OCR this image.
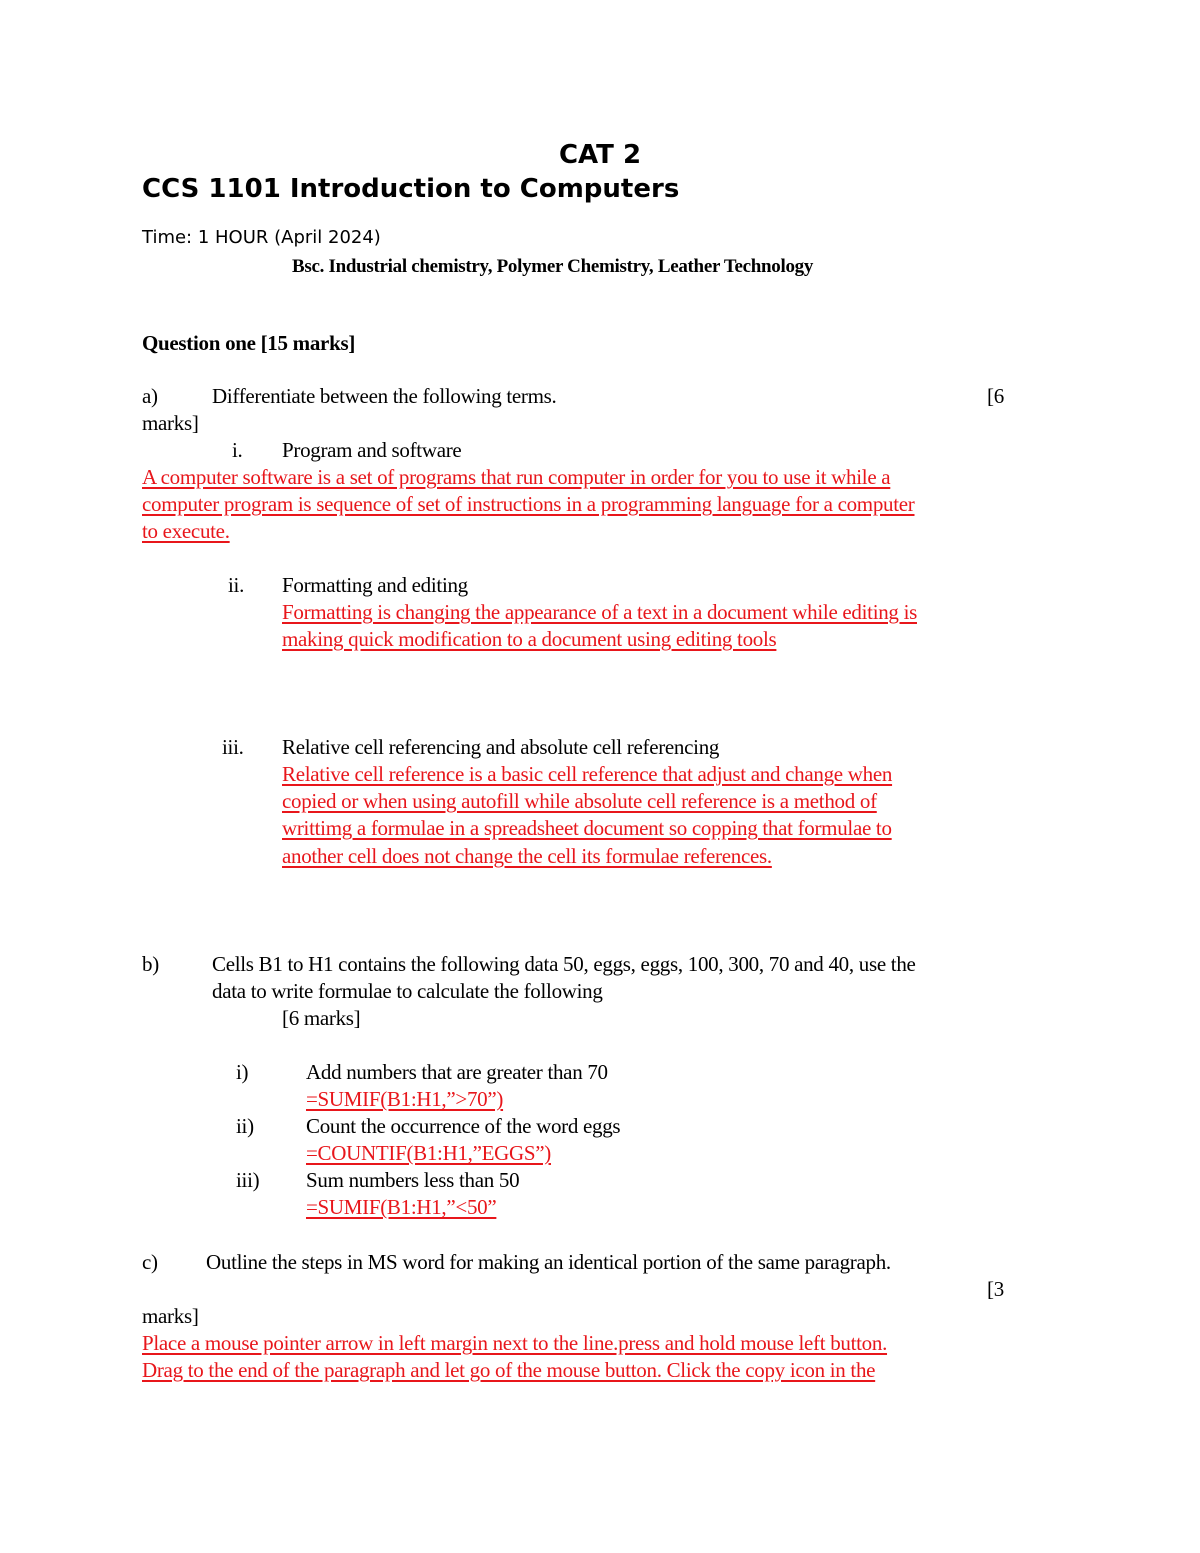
CAT 2
CCS 1101 Introduction to Computers
Time: 1 HOUR (April 2024)
Bsc. Industrial chemistry, Polymer Chemistry, Leather Technology
Question one [15 marks]
a)	Differentiate between the following terms.	[6
marks]
i. Program and software
A computer software is a set of programs that run computer in order for you to use it while a
computer program is sequence of set of instructions in a programming language for a computer
to execute.
ii. Formatting and editing
Formatting is changing the appearance of a text in a document while editing is
making quick modification to a document using editing tools
iii. Relative cell referencing and absolute cell referencing
Relative cell reference is a basic cell reference that adjust and change when
copied or when using autofill while absolute cell reference is a method of
writtimg a formulae in a spreadsheet document so copping that formulae to
another cell does not change the cell its formulae references.
b)	Cells B1 to H1 contains the following data 50, eggs, eggs, 100, 300, 70 and 40, use the
data to write formulae to calculate the following
[6 marks]
i)	Add numbers that are greater than 70
=SUMIF(B1:H1,”>70”)
ii) Count the occurrence of the word eggs
=COUNTIF(B1:H1,”EGGS”)
iii) Sum numbers less than 50
=SUMIF(B1:H1,”<50”
c) Outline the steps in MS word for making an identical portion of the same paragraph.
[3
marks]
Place a mouse pointer arrow in left margin next to the line.press and hold mouse left button.
Drag to the end of the paragraph and let go of the mouse button. Click the copy icon in the
